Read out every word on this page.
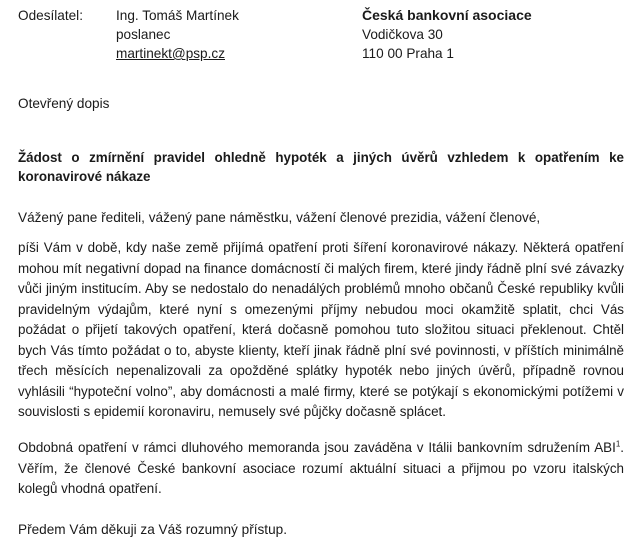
Odesílatel: Ing. Tomáš Martínek
poslanec
martinekt@psp.cz
Česká bankovní asociace
Vodičkova 30
110 00 Praha 1
Otevřený dopis
Žádost o zmírnění pravidel ohledně hypoték a jiných úvěrů vzhledem k opatřením ke koronavirové nákaze
Vážený pane řediteli, vážený pane náměstku, vážení členové prezidia, vážení členové,
píši Vám v době, kdy naše země přijímá opatření proti šíření koronavirové nákazy. Některá opatření mohou mít negativní dopad na finance domácností či malých firem, které jindy řádně plní své závazky vůči jiným institucím. Aby se nedostalo do nenadálých problémů mnoho občanů České republiky kvůli pravidelným výdajům, které nyní s omezenými příjmy nebudou moci okamžitě splatit, chci Vás požádat o přijetí takových opatření, která dočasně pomohou tuto složitou situaci překlenout. Chtěl bych Vás tímto požádat o to, abyste klienty, kteří jinak řádně plní své povinnosti, v příštích minimálně třech měsících nepenalizovali za opožděné splátky hypoték nebo jiných úvěrů, případně rovnou vyhlásili “hypoteční volno”, aby domácnosti a malé firmy, které se potýkají s ekonomickými potížemi v souvislosti s epidemií koronaviru, nemusely své půjčky dočasně splácet.
Obdobná opatření v rámci dluhového memoranda jsou zaváděna v Itálii bankovním sdružením ABI$^1$. Věřím, že členové České bankovní asociace rozumí aktuální situaci a přijmou po vzoru italských kolegů vhodná opatření.
Předem Vám děkuji za Váš rozumný přístup.
